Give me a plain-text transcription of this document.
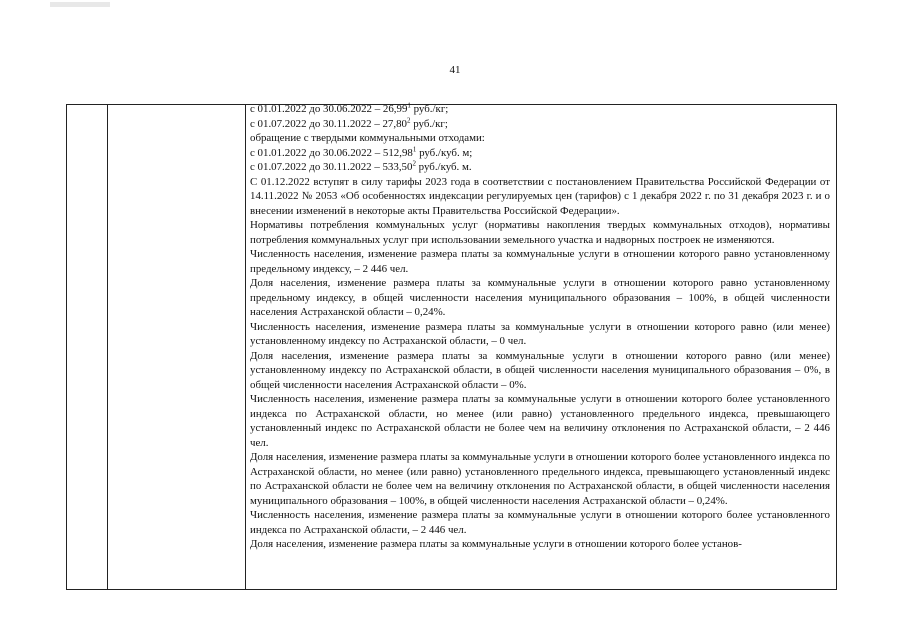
41

с 01.01.2022 до 30.06.2022 – 26,99$^1$ руб./кг;

с 01.07.2022 до 30.11.2022 – 27,80$^2$ руб./кг;

обращение с твердыми коммунальными отходами:

с 01.01.2022 до 30.06.2022 – 512,98$^1$ руб./куб. м;

с 01.07.2022 до 30.11.2022 – 533,50$^2$ руб./куб. м.

С 01.12.2022 вступят в силу тарифы 2023 года в соответствии с постановлением Правительства Российской Федерации от 14.11.2022 № 2053 «Об особенностях индексации регулируемых цен (тарифов) с 1 декабря 2022 г. по 31 декабря 2023 г. и о внесении изменений в некоторые акты Правительства Российской Федерации».

Нормативы потребления коммунальных услуг (нормативы накопления твердых коммунальных отходов), нормативы потребления коммунальных услуг при использовании земельного участка и надворных построек не изменяются.

Численность населения, изменение размера платы за коммунальные услуги в отношении которого равно установленному предельному индексу, – 2 446 чел.

Доля населения, изменение размера платы за коммунальные услуги в отношении которого равно установленному предельному индексу, в общей численности населения муниципального образования – 100%, в общей численности населения Астраханской области – 0,24%.

Численность населения, изменение размера платы за коммунальные услуги в отношении которого равно (или менее) установленному индексу по Астраханской области, – 0 чел.

Доля населения, изменение размера платы за коммунальные услуги в отношении которого равно (или менее) установленному индексу по Астраханской области, в общей численности населения муниципального образования – 0%, в общей численности населения Астраханской области – 0%.

Численность населения, изменение размера платы за коммунальные услуги в отношении которого более установленного индекса по Астраханской области, но менее (или равно) установленного предельного индекса, превышающего установленный индекс по Астраханской области не более чем на величину отклонения по Астраханской области, – 2 446 чел.

Доля населения, изменение размера платы за коммунальные услуги в отношении которого более установленного индекса по Астраханской области, но менее (или равно) установленного предельного индекса, превышающего установленный индекс по Астраханской области не более чем на величину отклонения по Астраханской области, в общей численности населения муниципального образования – 100%, в общей численности населения Астраханской области – 0,24%.

Численность населения, изменение размера платы за коммунальные услуги в отношении которого более установленного индекса по Астраханской области, – 2 446 чел.

Доля населения, изменение размера платы за коммунальные услуги в отношении которого более установ-
